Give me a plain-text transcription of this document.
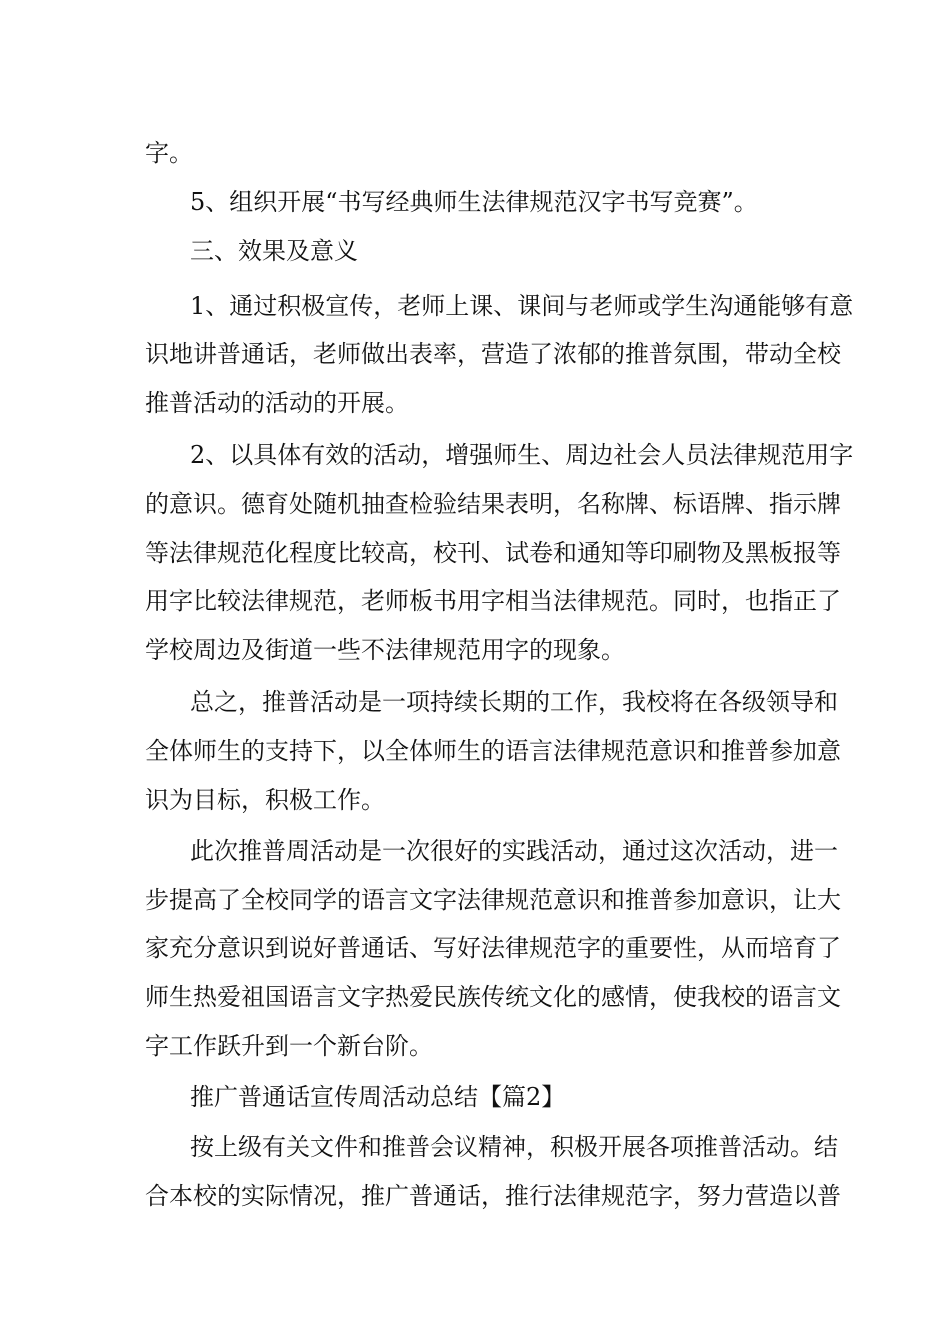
字。
5、组织开展“书写经典师生法律规范汉字书写竞赛”。
三、效果及意义
1、通过积极宣传，老师上课、课间与老师或学生沟通能够有意
识地讲普通话，老师做出表率，营造了浓郁的推普氛围，带动全校
推普活动的活动的开展。
2、以具体有效的活动，增强师生、周边社会人员法律规范用字
的意识。德育处随机抽查检验结果表明，名称牌、标语牌、指示牌
等法律规范化程度比较高，校刊、试卷和通知等印刷物及黑板报等
用字比较法律规范，老师板书用字相当法律规范。同时，也指正了
学校周边及街道一些不法律规范用字的现象。
总之，推普活动是一项持续长期的工作，我校将在各级领导和
全体师生的支持下，以全体师生的语言法律规范意识和推普参加意
识为目标，积极工作。
此次推普周活动是一次很好的实践活动，通过这次活动，进一
步提高了全校同学的语言文字法律规范意识和推普参加意识，让大
家充分意识到说好普通话、写好法律规范字的重要性，从而培育了
师生热爱祖国语言文字热爱民族传统文化的感情，使我校的语言文
字工作跃升到一个新台阶。
推广普通话宣传周活动总结【篇2】
按上级有关文件和推普会议精神，积极开展各项推普活动。结
合本校的实际情况，推广普通话，推行法律规范字，努力营造以普
